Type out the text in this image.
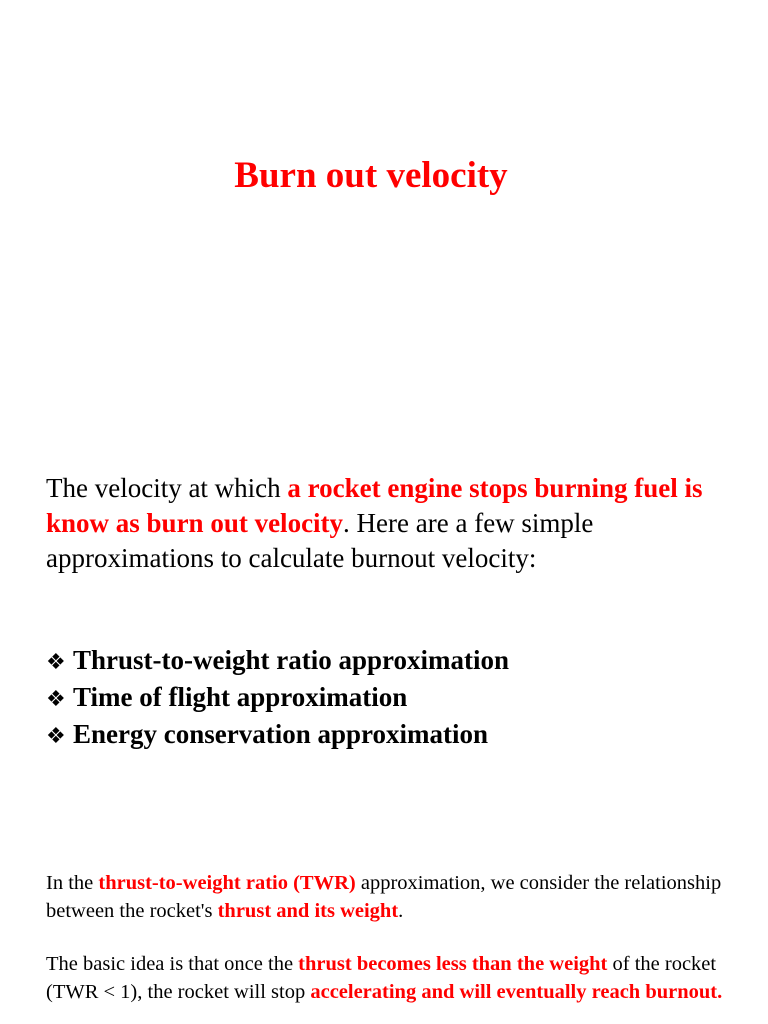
Burn out velocity

The velocity at which a rocket engine stops burning fuel is know as burn out velocity. Here are a few simple approximations to calculate burnout velocity:

❖ Thrust-to-weight ratio approximation
❖ Time of flight approximation
❖ Energy conservation approximation

In the thrust-to-weight ratio (TWR) approximation, we consider the relationship between the rocket's thrust and its weight.

The basic idea is that once the thrust becomes less than the weight of the rocket (TWR < 1), the rocket will stop accelerating and will eventually reach burnout.
